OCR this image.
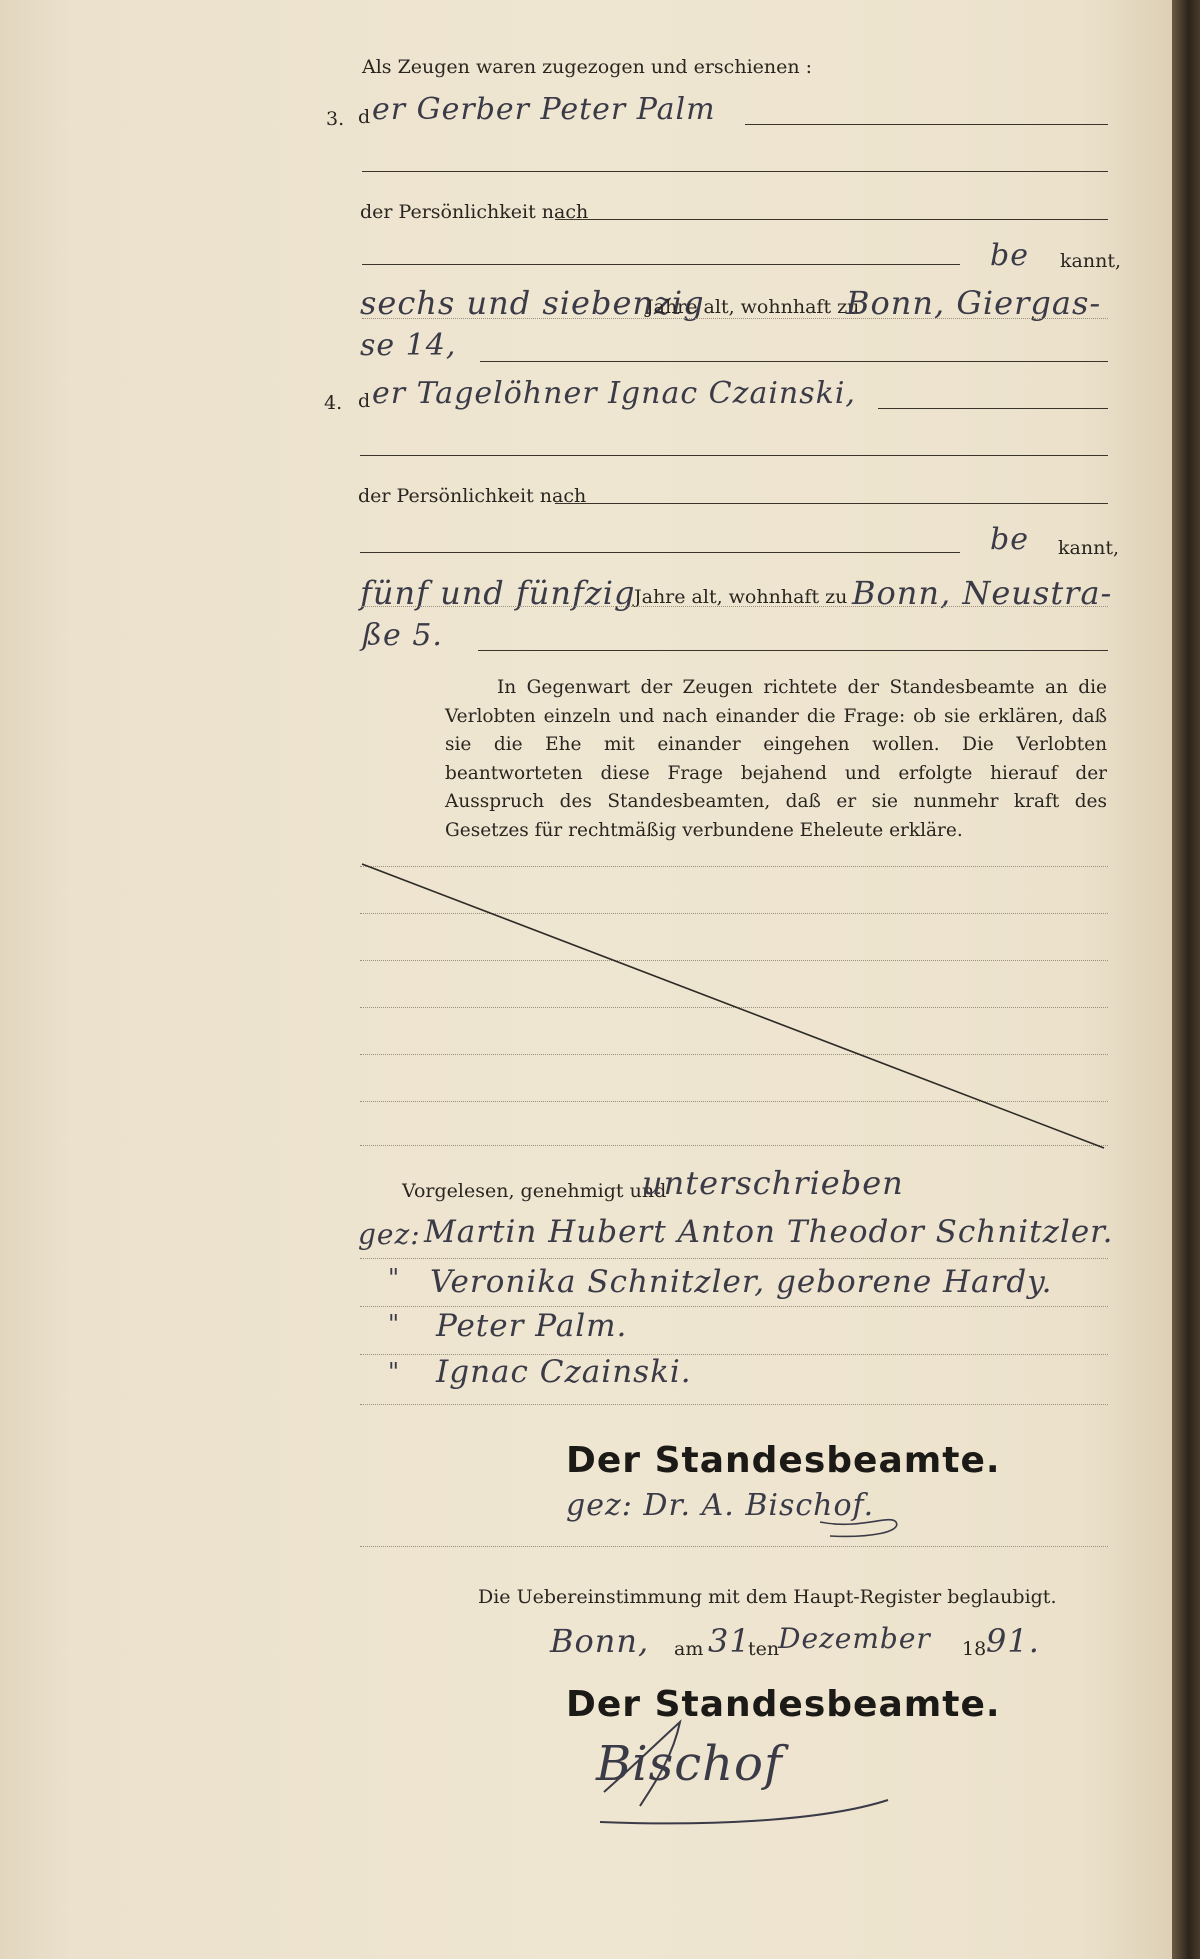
Als Zeugen waren zugezogen und erschienen :
3. d er Gerber Peter Palm
der Persönlichkeit nach
be kannt,
sechs und siebenzig
Jahre alt, wohnhaft zu
Bonn, Giergas-
se 14,
4. d er Tagelöhner Ignac Czainski,
der Persönlichkeit nach
be kannt,
fünf und fünfzig
Jahre alt, wohnhaft zu Bonn, Neustra-
ße 5.
In Gegenwart der Zeugen richtete der Standesbeamte an die Verlobten einzeln und nach einander die Frage: ob sie erklären, daß sie die Ehe mit einander eingehen wollen. Die Verlobten beantworteten diese Frage bejahend und erfolgte hierauf der Ausspruch des Standesbeamten, daß er sie nunmehr kraft des Gesetzes für rechtmäßig verbundene Eheleute erkläre.
Vorgelesen, genehmigt und
unterschrieben
gez: Martin Hubert Anton Theodor Schnitzler.
" Veronika Schnitzler, geborene Hardy.
" Peter Palm.
" Ignac Czainski.
Der Standesbeamte.
gez: Dr. A. Bischof.
Die Uebereinstimmung mit dem Haupt-Register beglaubigt.
Bonn, am 31
ten
Dezember 18 91.
Der Standesbeamte.
Bischof
